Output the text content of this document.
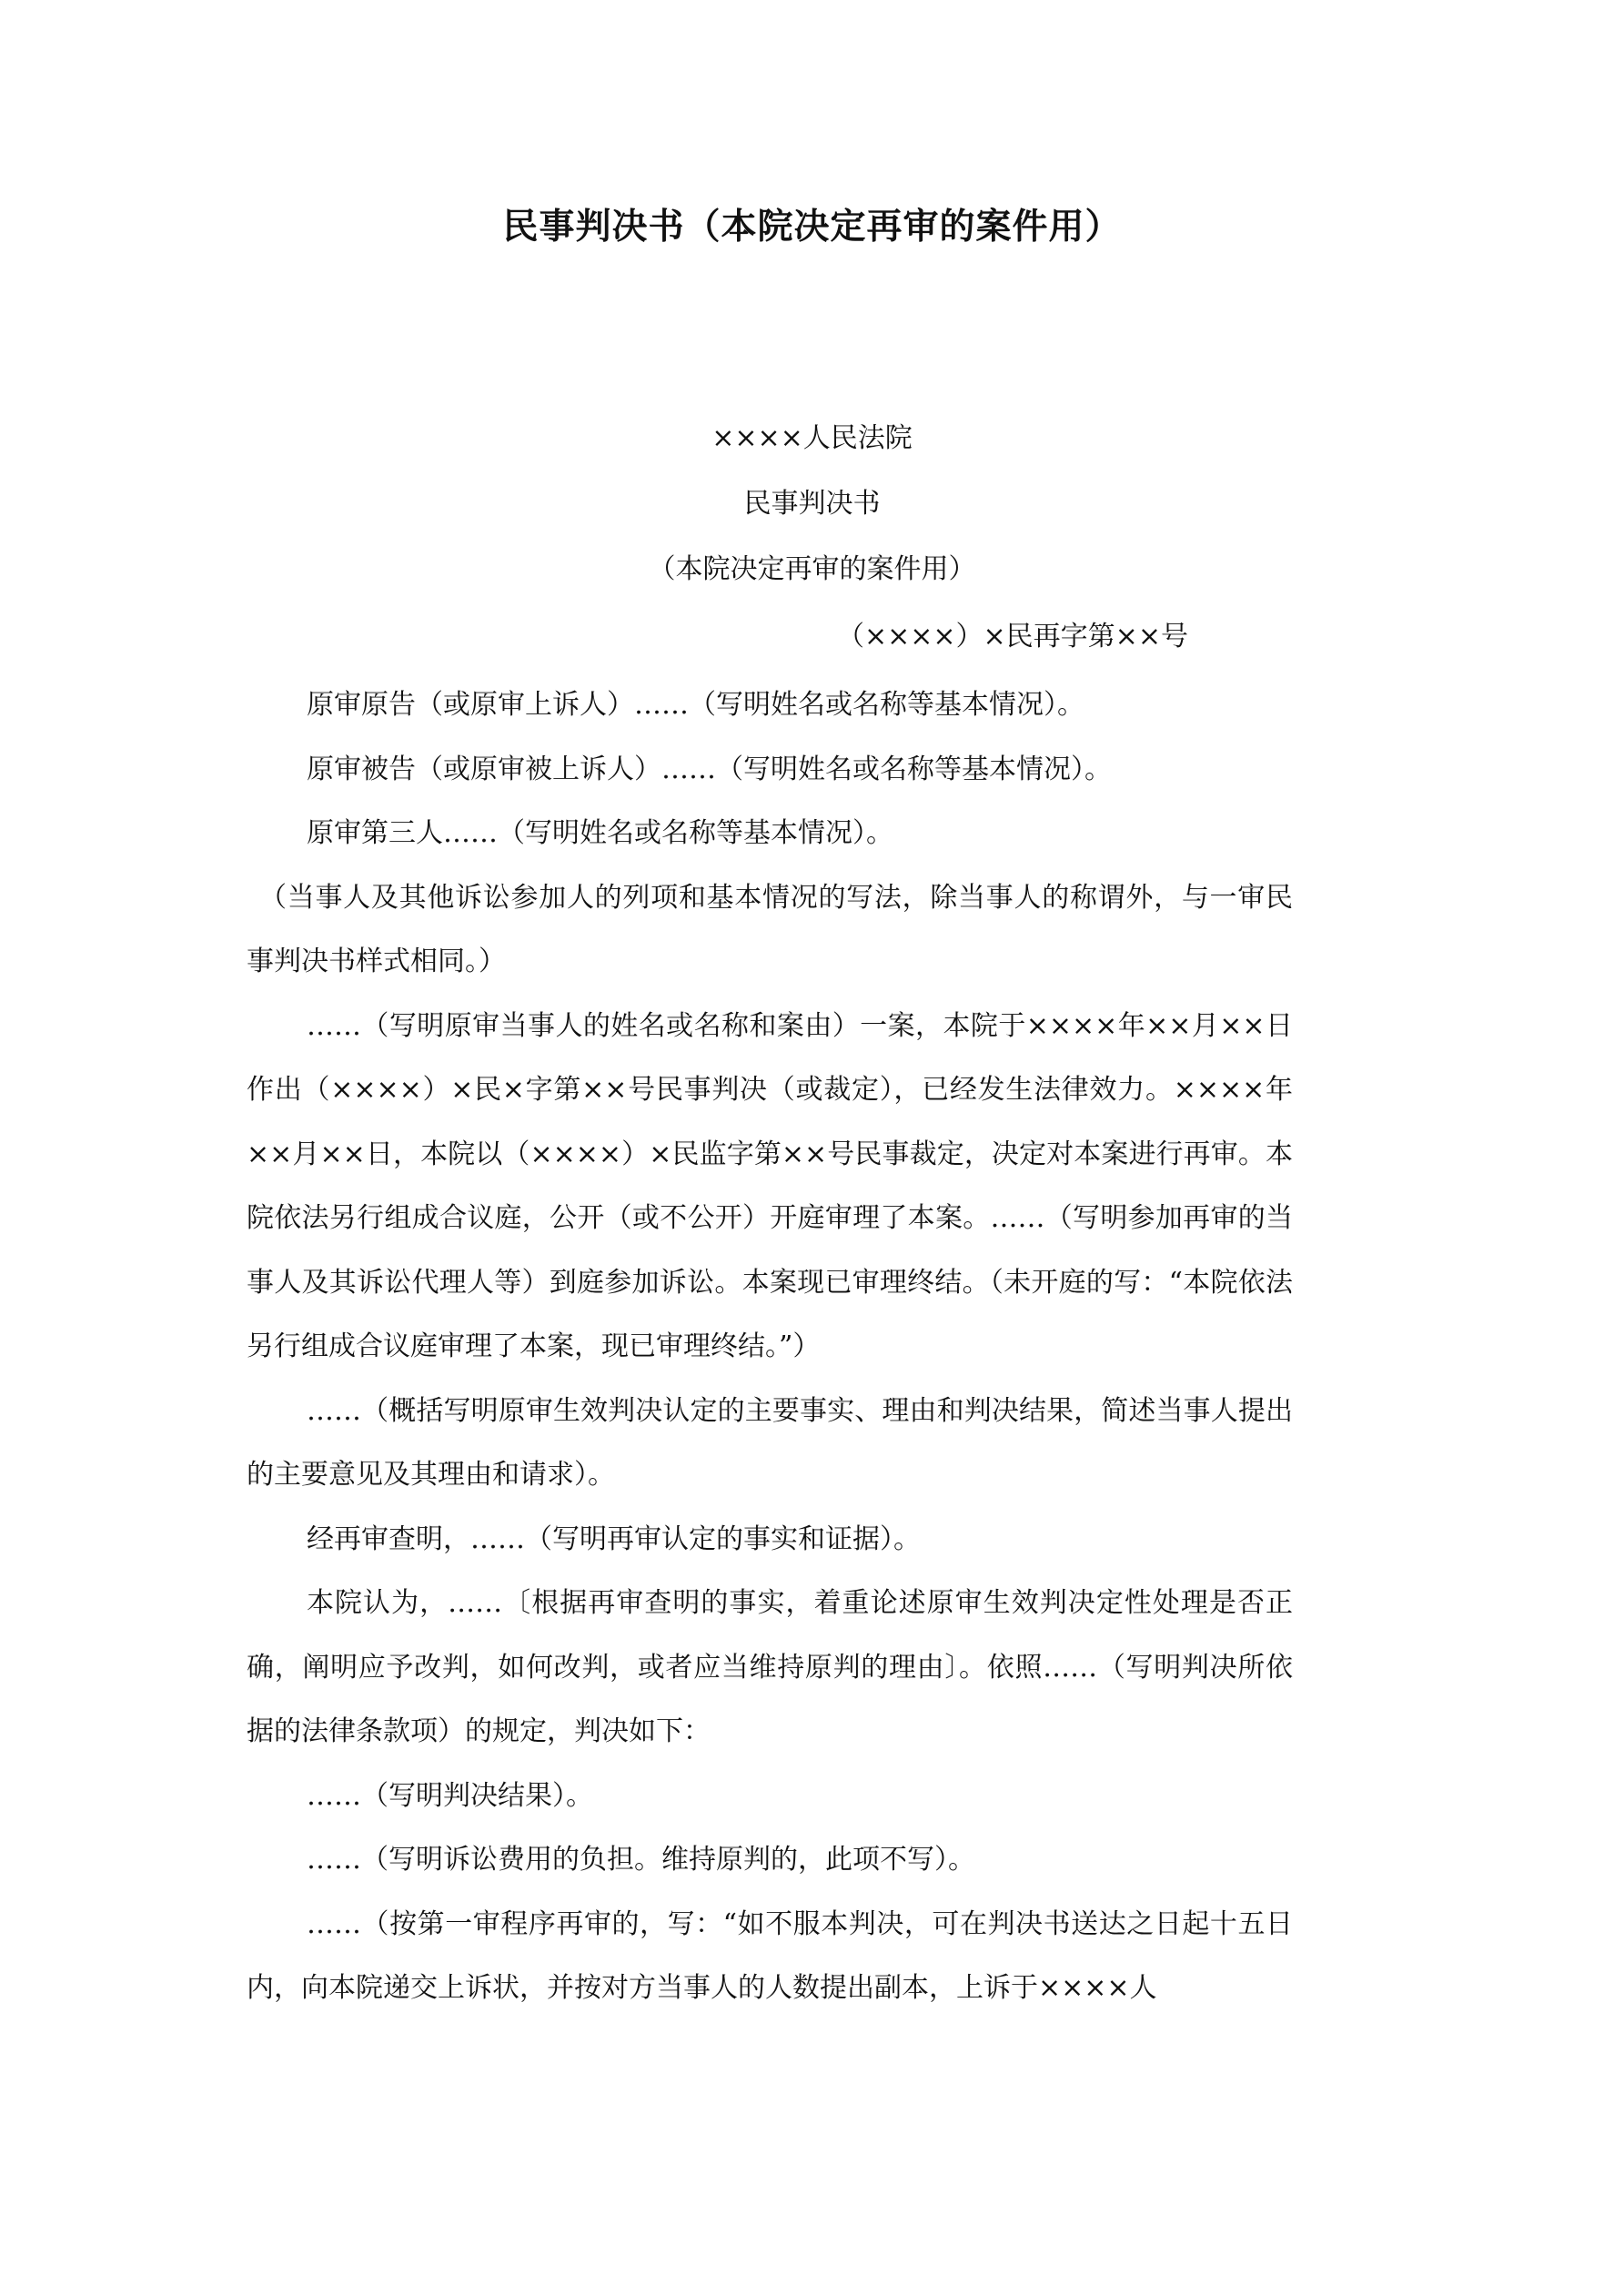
民事判决书（本院决定再审的案件用）
××××人民法院
民事判决书
（本院决定再审的案件用）
（××××）×民再字第××号

原审原告（或原审上诉人）……（写明姓名或名称等基本情况）。

原审被告（或原审被上诉人）……（写明姓名或名称等基本情况）。

原审第三人……（写明姓名或名称等基本情况）。

（当事人及其他诉讼参加人的列项和基本情况的写法，除当事人的称谓外，与一审民事判决书样式相同。）

……（写明原审当事人的姓名或名称和案由）一案，本院于××××年××月××日作出（××××）×民×字第××号民事判决（或裁定），已经发生法律效力。××××年××月××日，本院以（××××）×民监字第××号民事裁定，决定对本案进行再审。本院依法另行组成合议庭，公开（或不公开）开庭审理了本案。……（写明参加再审的当事人及其诉讼代理人等）到庭参加诉讼。本案现已审理终结。（未开庭的写：“本院依法另行组成合议庭审理了本案，现已审理终结。”）

……（概括写明原审生效判决认定的主要事实、理由和判决结果，简述当事人提出的主要意见及其理由和请求）。

经再审查明，……（写明再审认定的事实和证据）。

本院认为，……〔根据再审查明的事实，着重论述原审生效判决定性处理是否正确，阐明应予改判，如何改判，或者应当维持原判的理由〕。依照……（写明判决所依据的法律条款项）的规定，判决如下：

……（写明判决结果）。

……（写明诉讼费用的负担。维持原判的，此项不写）。

……（按第一审程序再审的，写：“如不服本判决，可在判决书送达之日起十五日内，向本院递交上诉状，并按对方当事人的人数提出副本，上诉于××××人
